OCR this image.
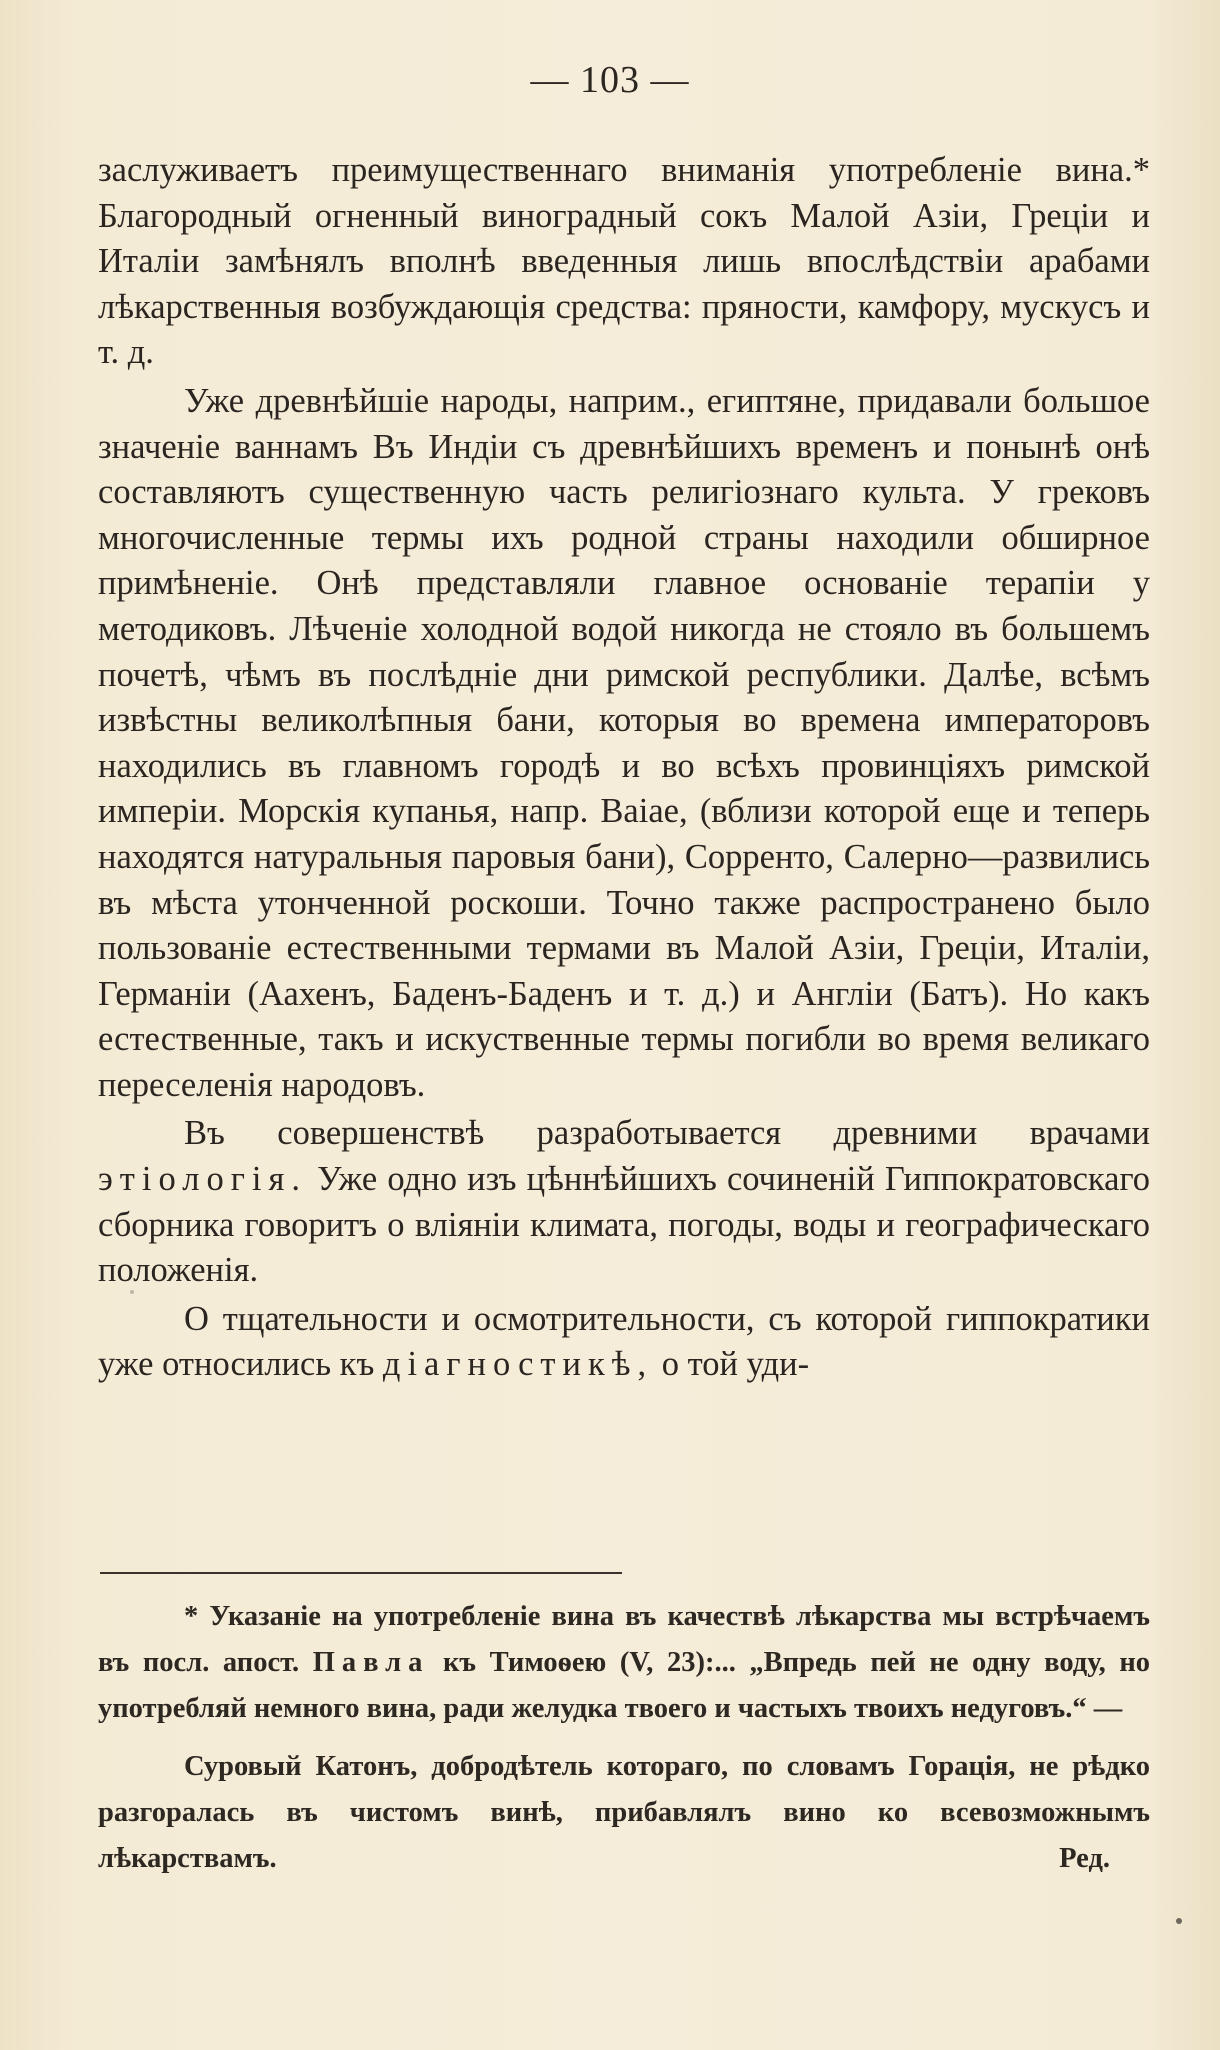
— 103 —

заслуживаетъ преимущественнаго вниманія употребленіе вина.* Благородный огненный виноградный сокъ Малой Азіи, Греціи и Италіи замѣнялъ вполнѣ введенныя лишь впослѣдствіи арабами лѣкарственныя возбуждающія средства: пряности, камфору, мускусъ и т. д.

Уже древнѣйшіе народы, наприм., египтяне, придавали большое значеніе ваннамъ Въ Индіи съ древнѣйшихъ временъ и понынѣ онѣ составляютъ существенную часть религіознаго культа. У грековъ многочисленные термы ихъ родной страны находили обширное примѣненіе. Онѣ представляли главное основаніе терапіи у методиковъ. Лѣченіе холодной водой никогда не стояло въ большемъ почетѣ, чѣмъ въ послѣдніе дни римской республики. Далѣе, всѣмъ извѣстны великолѣпныя бани, которыя во времена императоровъ находились въ главномъ городѣ и во всѣхъ провинціяхъ римской имперіи. Морскія купанья, напр. Ваіае, (вблизи которой еще и теперь находятся натуральныя паровыя бани), Сорренто, Салерно—развились въ мѣста утонченной роскоши. Точно также распространено было пользованіе естественными термами въ Малой Азіи, Греціи, Италіи, Германіи (Аахенъ, Баденъ-Баденъ и т. д.) и Англіи (Батъ). Но какъ естественные, такъ и искуственные термы погибли во время великаго переселенія народовъ.

Въ совершенствѣ разработывается древними врачами этіологія. Уже одно изъ цѣннѣйшихъ сочиненій Гиппократовскаго сборника говоритъ о вліяніи климата, погоды, воды и географическаго положенія.

О тщательности и осмотрительности, съ которой гиппократики уже относились къ діагностикѣ, о той уди-

* Указаніе на употребленіе вина въ качествѣ лѣкарства мы встрѣчаемъ въ посл. апост. Павла къ Тимоѳею (V, 23):... „Впредь пей не одну воду, но употребляй немного вина, ради желудка твоего и частыхъ твоихъ недуговъ.“ —

Суровый Катонъ, добродѣтель котораго, по словамъ Горація, не рѣдко разгоралась въ чистомъ винѣ, прибавлялъ вино ко всевозможнымъ лѣкарствамъ.	Ред.
